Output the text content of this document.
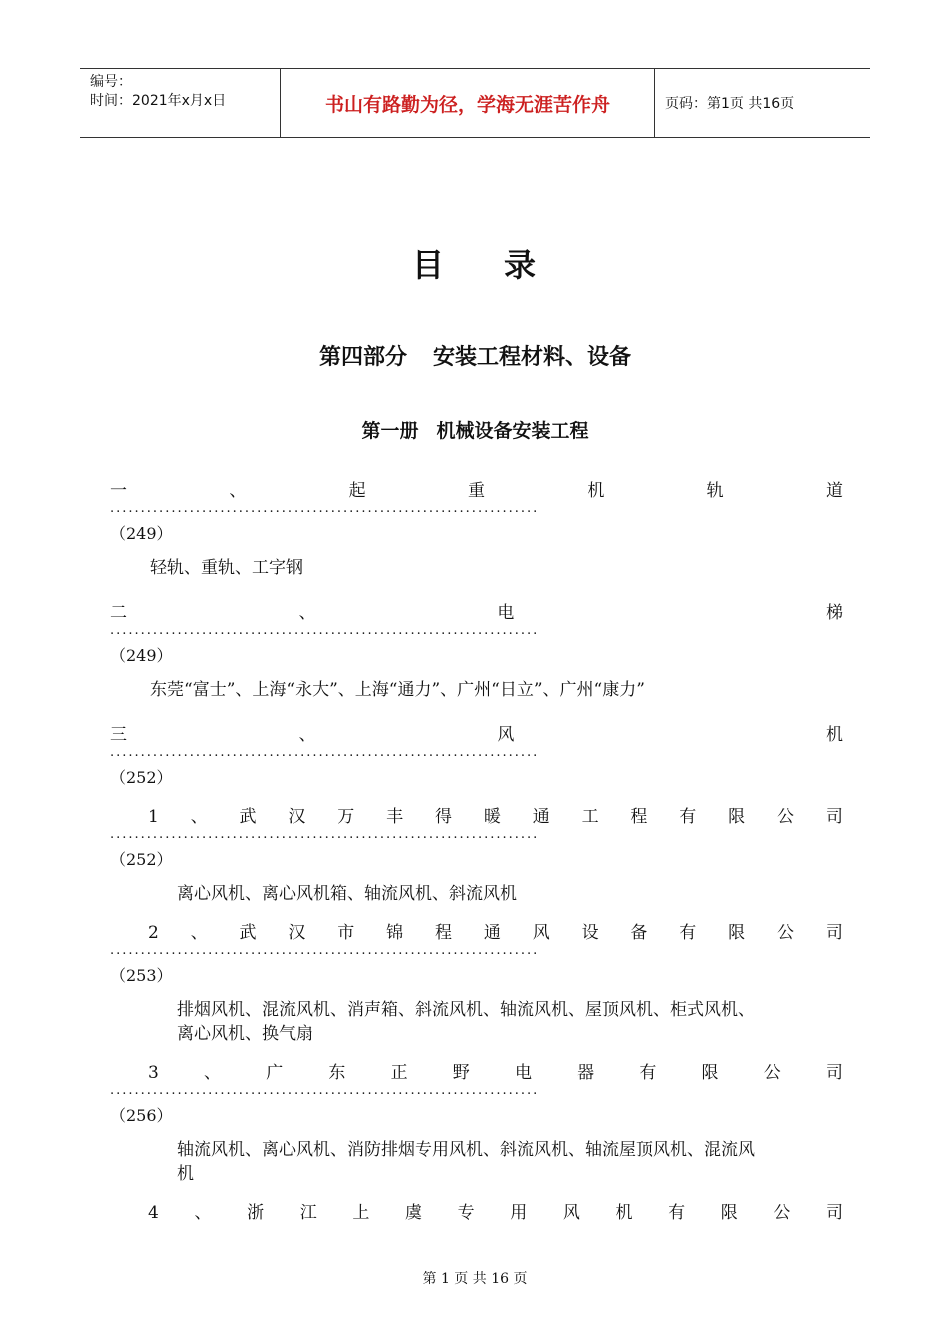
编号：
时间：2021年x月x日	书山有路勤为径，学海无涯苦作舟	页码：第1页 共16页
目 录
第四部分 安装工程材料、设备
第一册 机械设备安装工程
一	、	起	重	机	轨	道
......................................................................
（249）
轻轨、重轨、工字钢
二	、	电	梯
......................................................................
（249）
东莞“富士”、上海“永大”、上海“通力”、广州“日立”、广州“康力”
三	、	风	机
......................................................................
（252）
1 、 武 汉 万 丰 得 暖 通 工 程 有 限 公 司
......................................................................
（252）
离心风机、离心风机箱、轴流风机、斜流风机
2 、 武 汉 市 锦 程 通 风 设 备 有 限 公 司
......................................................................
（253）
排烟风机、混流风机、消声箱、斜流风机、轴流风机、屋顶风机、柜式风机、
离心风机、换气扇
3	、	广	东	正	野	电	器	有	限	公	司
......................................................................
（256）
轴流风机、离心风机、消防排烟专用风机、斜流风机、轴流屋顶风机、混流风
机
4 、 浙 江 上 虞 专 用 风 机 有 限 公 司
第 1 页 共 16 页
